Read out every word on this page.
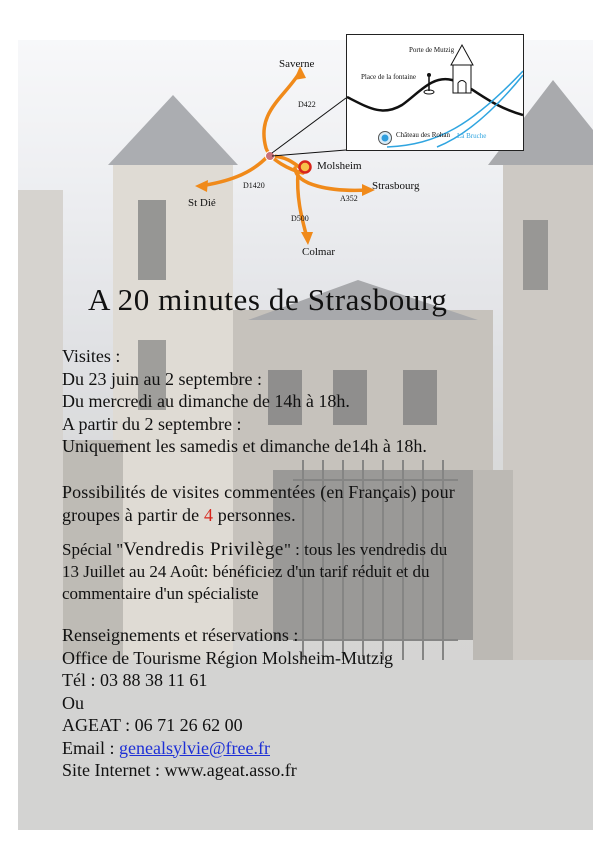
Porte de Mutzig
Place de la fontaine
Château des Rohan La Bruche
Saverne
D422
Molsheim
D1420	Strasbourg
A352
St Dié
D500
Colmar
A 20 minutes de Strasbourg
Visites :
Du 23 juin au 2 septembre :
Du mercredi au dimanche de 14h à 18h.
A partir du 2 septembre :
Uniquement les samedis et dimanche de14h à 18h.
Possibilités de visites commentées (en Français) pour
groupes à partir de 4 personnes.
Spécial "Vendredis Privilège" : tous les vendredis du
13 Juillet au 24 Août: bénéficiez d'un tarif réduit et du
commentaire d'un spécialiste
Renseignements et réservations :
Office de Tourisme Région Molsheim-Mutzig
Tél : 03 88 38 11 61
Ou
AGEAT : 06 71 26 62 00
Email : genealsylvie@free.fr
Site Internet : www.ageat.asso.fr
